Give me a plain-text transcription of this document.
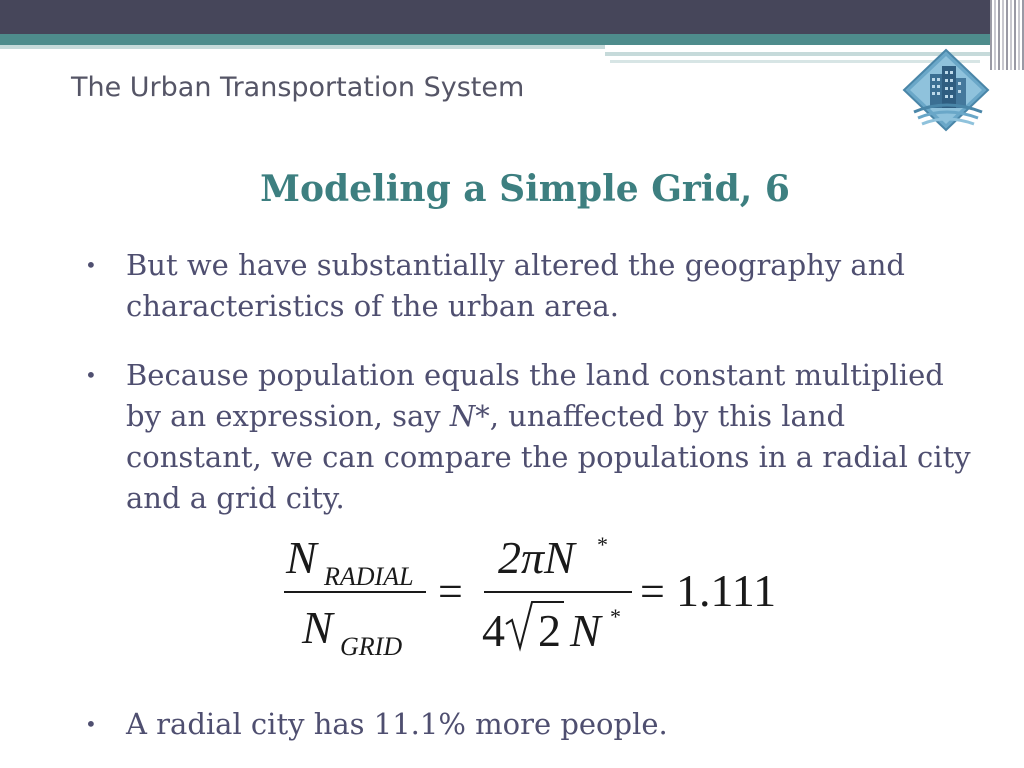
The Urban Transportation System
Modeling a Simple Grid, 6
• But we have substantially altered the geography and characteristics of the urban area.
• Because population equals the land constant multiplied by an expression, say N*, unaffected by this land constant, we can compare the populations in a radial city and a grid city.
N RADIAL
N GRID
=
2πN *
4 2 N *
= 1.111
• A radial city has 11.1% more people.
